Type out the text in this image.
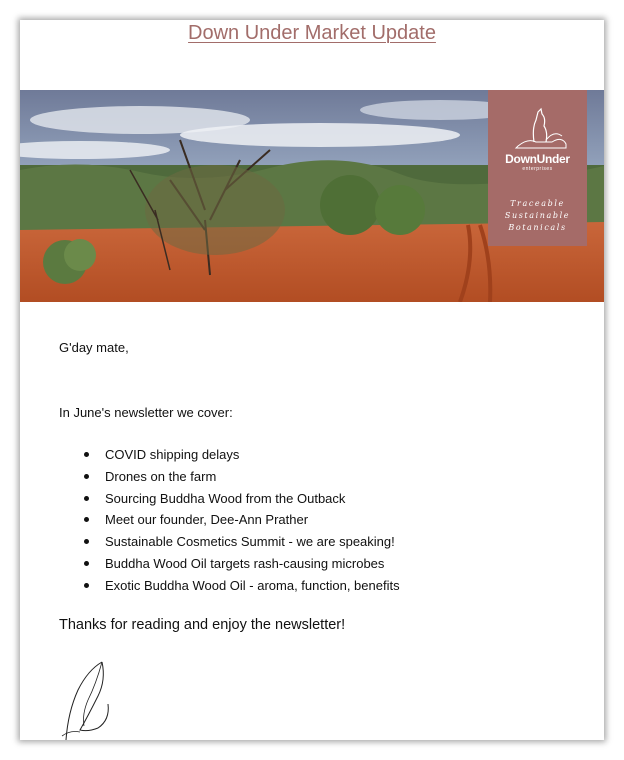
Down Under Market Update
DownUnder
enterprises
Traceable
Sustainable
Botanicals
G'day mate,
In June's newsletter we cover:
COVID shipping delays
Drones on the farm
Sourcing Buddha Wood from the Outback
Meet our founder, Dee-Ann Prather
Sustainable Cosmetics Summit - we are speaking!
Buddha Wood Oil targets rash-causing microbes
Exotic Buddha Wood Oil - aroma, function, benefits
Thanks for reading and enjoy the newsletter!
